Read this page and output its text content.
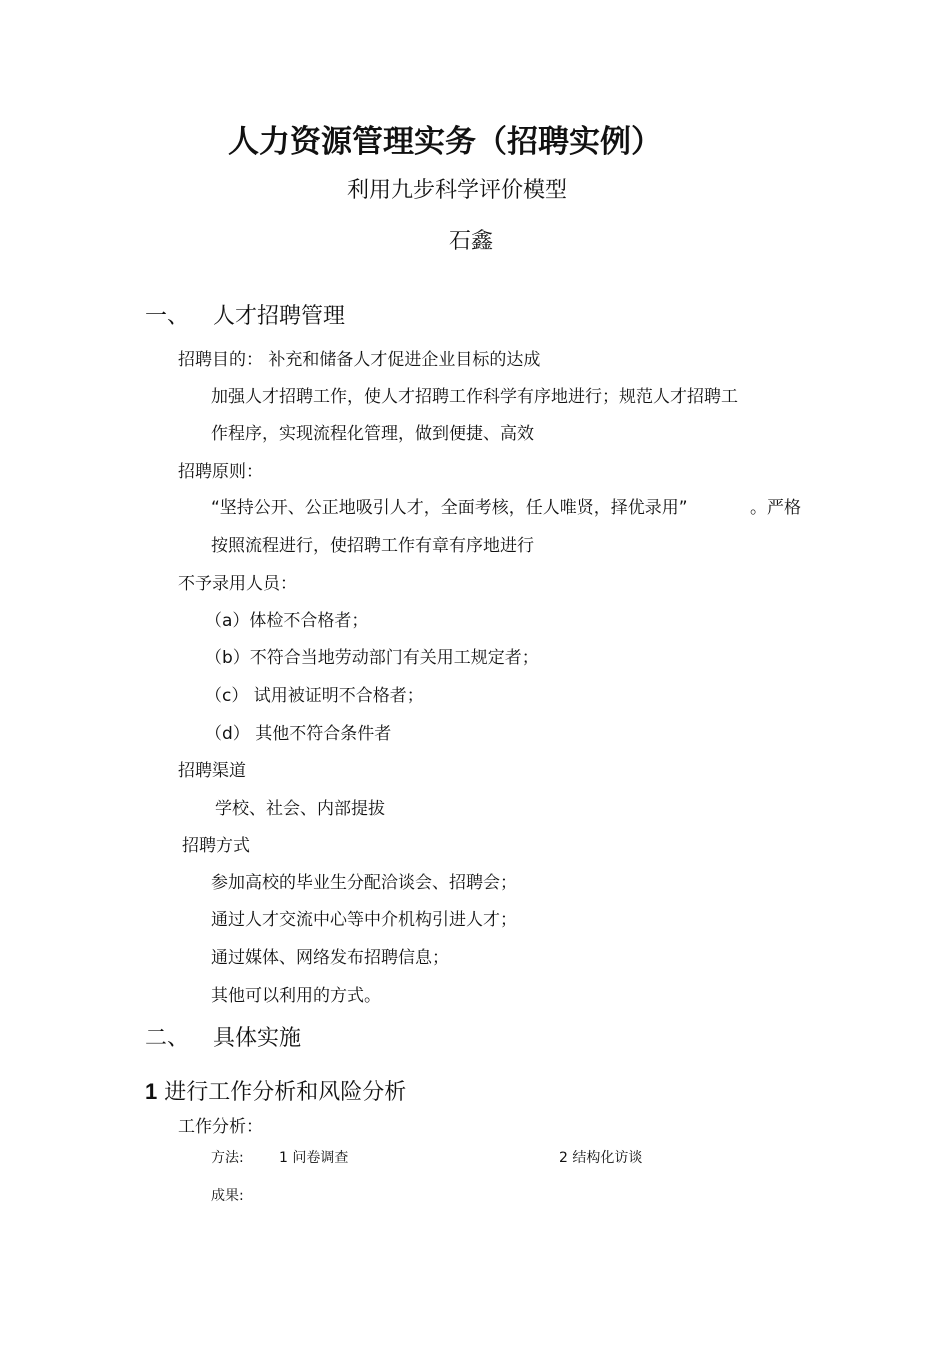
人力资源管理实务（招聘实例）
利用九步科学评价模型
石鑫
一、 人才招聘管理
招聘目的： 补充和储备人才促进企业目标的达成
加强人才招聘工作，使人才招聘工作科学有序地进行；规范人才招聘工
作程序，实现流程化管理，做到便捷、高效
招聘原则：
“坚持公开、公正地吸引人才，全面考核，任人唯贤，择优录用”	。严格
按照流程进行，使招聘工作有章有序地进行
不予录用人员：
（a）体检不合格者；
（b）不符合当地劳动部门有关用工规定者；
（c） 试用被证明不合格者；
（d） 其他不符合条件者
招聘渠道
学校、社会、内部提拔
招聘方式
参加高校的毕业生分配洽谈会、招聘会；
通过人才交流中心等中介机构引进人才；
通过媒体、网络发布招聘信息；
其他可以利用的方式。
二、 具体实施
1 进行工作分析和风险分析
工作分析：
方法:	1 问卷调查	2 结构化访谈
成果:
